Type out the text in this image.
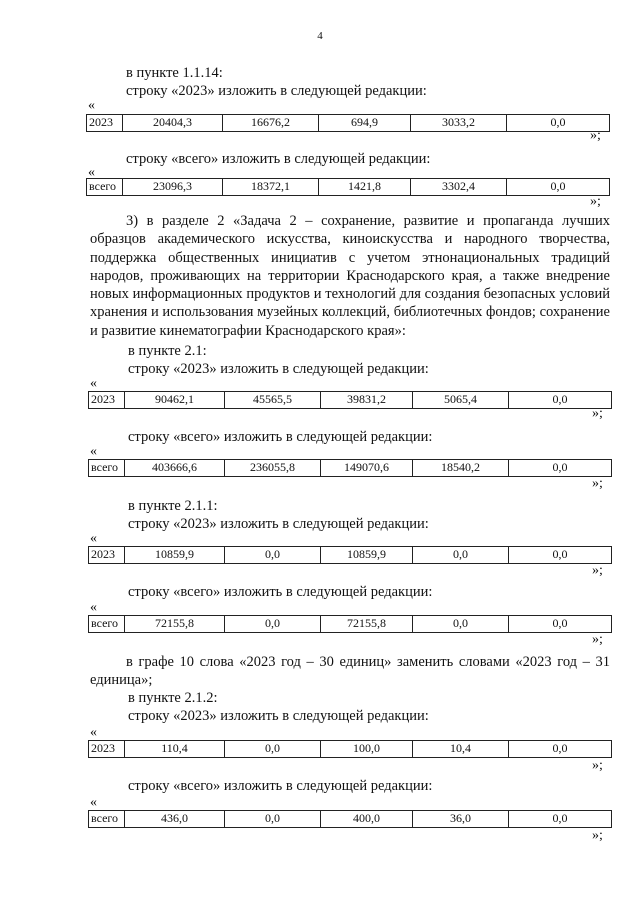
4
в пункте 1.1.14:
строку «2023» изложить в следующей редакции:
«
2023	20404,3	16676,2	694,9	3033,2	0,0
»;
строку «всего» изложить в следующей редакции:
«
всего	23096,3	18372,1	1421,8	3302,4	0,0
»;
3) в разделе 2 «Задача 2 – сохранение, развитие и пропаганда лучших образцов академического искусства, киноискусства и народного творчества, поддержка общественных инициатив с учетом этнонациональных традиций народов, проживающих на территории Краснодарского края, а также внедрение новых информационных продуктов и технологий для создания безопасных условий хранения и использования музейных коллекций, библиотечных фондов; сохранение и развитие кинематографии Краснодарского края»:
в пункте 2.1:
строку «2023» изложить в следующей редакции:
«
2023	90462,1	45565,5	39831,2	5065,4	0,0
»;
строку «всего» изложить в следующей редакции:
«
всего	403666,6	236055,8	149070,6	18540,2	0,0
»;
в пункте 2.1.1:
строку «2023» изложить в следующей редакции:
«
2023	10859,9	0,0	10859,9	0,0	0,0
»;
строку «всего» изложить в следующей редакции:
«
всего	72155,8	0,0	72155,8	0,0	0,0
»;
в графе 10 слова «2023 год – 30 единиц» заменить словами «2023 год – 31 единица»;
в пункте 2.1.2:
строку «2023» изложить в следующей редакции:
«
2023	110,4	0,0	100,0	10,4	0,0
»;
строку «всего» изложить в следующей редакции:
«
всего	436,0	0,0	400,0	36,0	0,0
»;
